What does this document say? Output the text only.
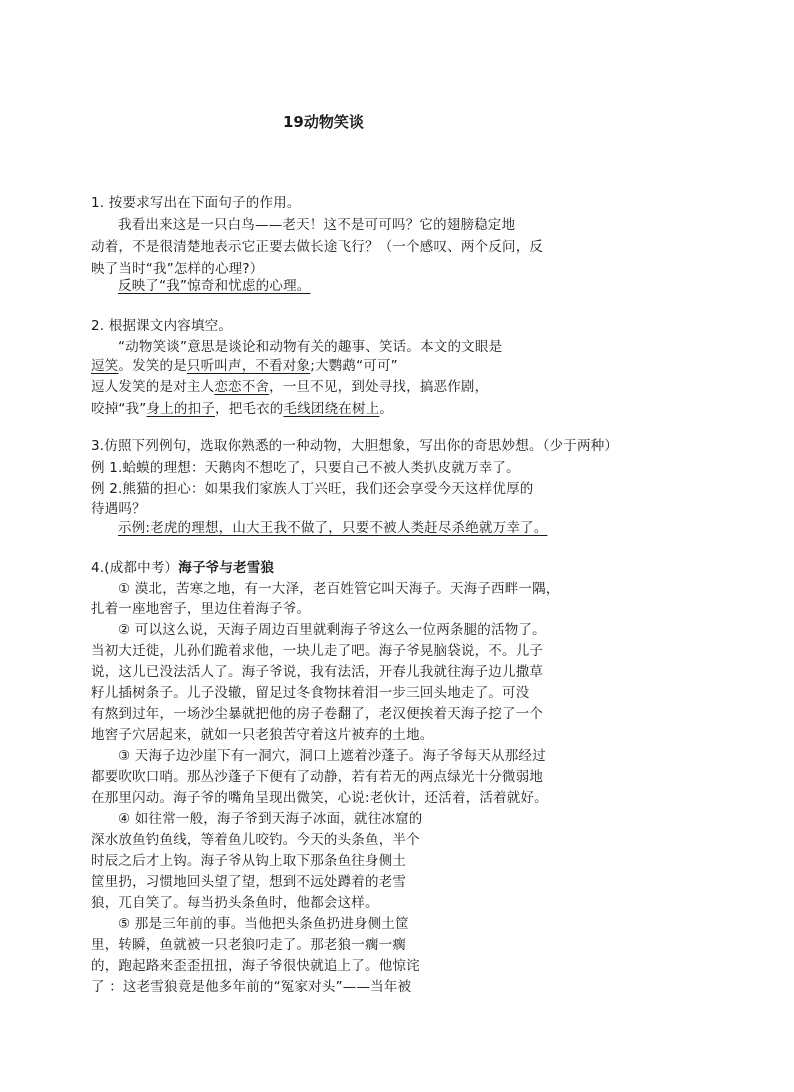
19动物笑谈
1. 按要求写出在下面句子的作用。
我看出来这是一只白鸟——老天！这不是可可吗？它的翅膀稳定地
动着，不是很清楚地表示它正要去做长途飞行？（一个感叹、两个反问，反
映了当时“我”怎样的心理?）
反映了“我”惊奇和忧虑的心理。
2. 根据课文内容填空。
“动物笑谈”意思是谈论和动物有关的趣事、笑话。本文的文眼是
逗笑。发笑的是只听叫声，不看对象;大鹦鹉“可可”
逗人发笑的是对主人恋恋不舍，一旦不见，到处寻找，搞恶作剧，
咬掉“我”身上的扣子，把毛衣的毛线团绕在树上。
3.仿照下列例句，选取你熟悉的一种动物，大胆想象，写出你的奇思妙想。（少于两种）
例 1.蛤蟆的理想：天鹅肉不想吃了，只要自己不被人类扒皮就万幸了。
例 2.熊猫的担心：如果我们家族人丁兴旺，我们还会享受今天这样优厚的
待遇吗？
示例:老虎的理想，山大王我不做了，只要不被人类赶尽杀绝就万幸了。
4.(成都中考）海子爷与老雪狼
① 漠北，苦寒之地，有一大泽，老百姓管它叫天海子。天海子西畔一隅，
扎着一座地窖子，里边住着海子爷。
② 可以这么说，天海子周边百里就剩海子爷这么一位两条腿的活物了。
当初大迁徙，儿孙们跪着求他，一块儿走了吧。海子爷晃脑袋说，不。儿子
说，这儿已没法活人了。海子爷说，我有法活，开春儿我就往海子边儿撒草
籽儿插树条子。儿子没辙，留足过冬食物抹着泪一步三回头地走了。可没
有熬到过年，一场沙尘暴就把他的房子卷翻了，老汉便挨着天海子挖了一个
地窖子穴居起来，就如一只老狼苦守着这片被弃的土地。
③ 天海子边沙崖下有一洞穴，洞口上遮着沙蓬子。海子爷每天从那经过
都要吹吹口哨。那丛沙蓬子下便有了动静，若有若无的两点绿光十分微弱地
在那里闪动。海子爷的嘴角呈现出微笑，心说:老伙计，还活着，活着就好。
④ 如往常一般，海子爷到天海子冰面，就往冰窟的
深水放鱼钓鱼线，等着鱼儿咬钓。今天的头条鱼，半个
时辰之后才上钩。海子爷从钩上取下那条鱼往身侧土
筐里扔，习惯地回头望了望，想到不远处蹲着的老雪
狼，兀自笑了。每当扔头条鱼时，他都会这样。
⑤ 那是三年前的事。当他把头条鱼扔进身侧土筐
里，转瞬，鱼就被一只老狼叼走了。那老狼一瘸一瘸
的，跑起路来歪歪扭扭，海子爷很快就追上了。他惊诧
了 ：这老雪狼竟是他多年前的“冤家对头”——当年被
